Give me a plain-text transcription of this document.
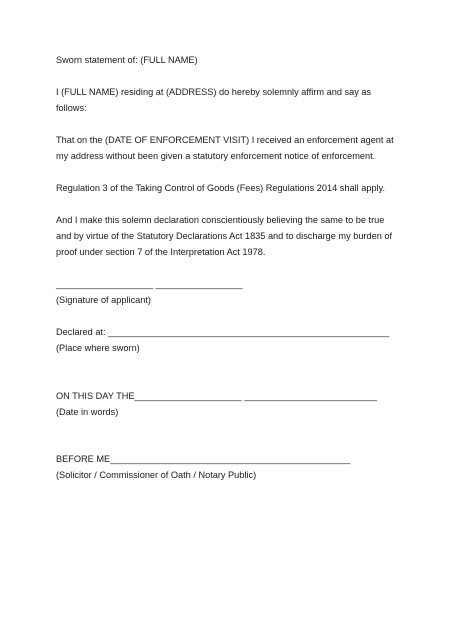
Sworn statement of: (FULL NAME)
I (FULL NAME) residing at (ADDRESS) do hereby solemnly affirm and say as
follows:
That on the (DATE OF ENFORCEMENT VISIT) I received an enforcement agent at
my address without been given a statutory enforcement notice of enforcement.
Regulation 3 of the Taking Control of Goods (Fees) Regulations 2014 shall apply.
And I make this solemn declaration conscientiously believing the same to be true
and by virtue of the Statutory Declarations Act 1835 and to discharge my burden of
proof under section 7 of the Interpretation Act 1978.
___________________ _________________
(Signature of applicant)
Declared at: _______________________________________________________
(Place where sworn)
ON THIS DAY THE_____________________ __________________________
(Date in words)
BEFORE ME_______________________________________________
(Solicitor / Commissioner of Oath / Notary Public)
